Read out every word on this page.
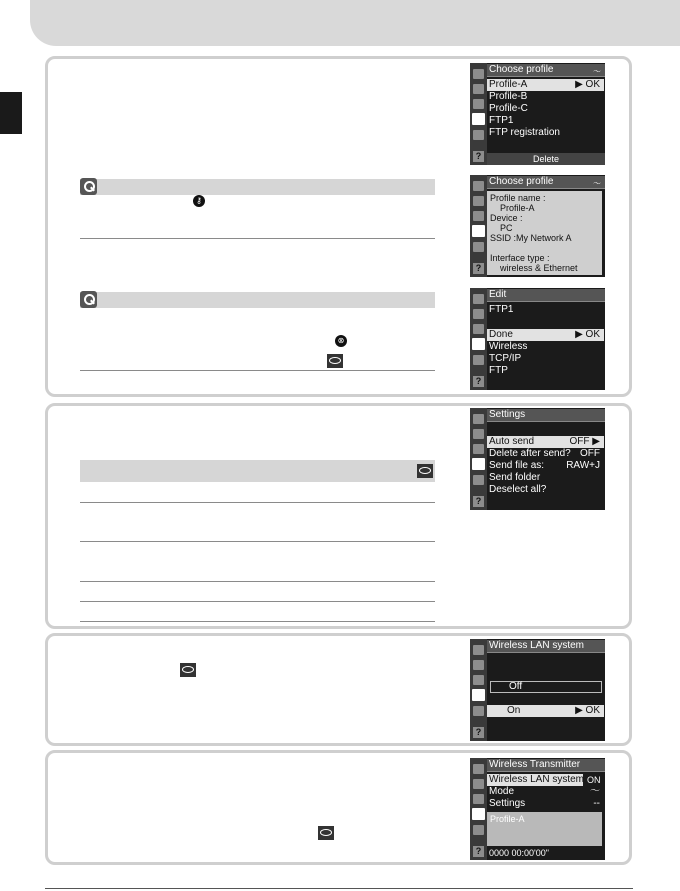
⚷
⊗
?
Choose profile	〜
Profile-A	▶ OK
Profile-B
Profile-C
FTP1
FTP registration
Delete
?
Choose profile	〜
Profile name :
Profile-A
Device :
PC
SSID :My Network A
Interface type :
wireless & Ethernet
?
Edit
FTP1
Done	▶ OK
Wireless
TCP/IP
FTP
?
Settings
Auto send	OFF ▶
Delete after send? OFF
Send file as: RAW+J
Send folder
Deselect all?
?
Wireless LAN system
Off
On	▶ OK
?
Wireless Transmitter
Wireless LAN system ON
Mode	〜
Settings	--
Profile-A
0000 00:00'00"
